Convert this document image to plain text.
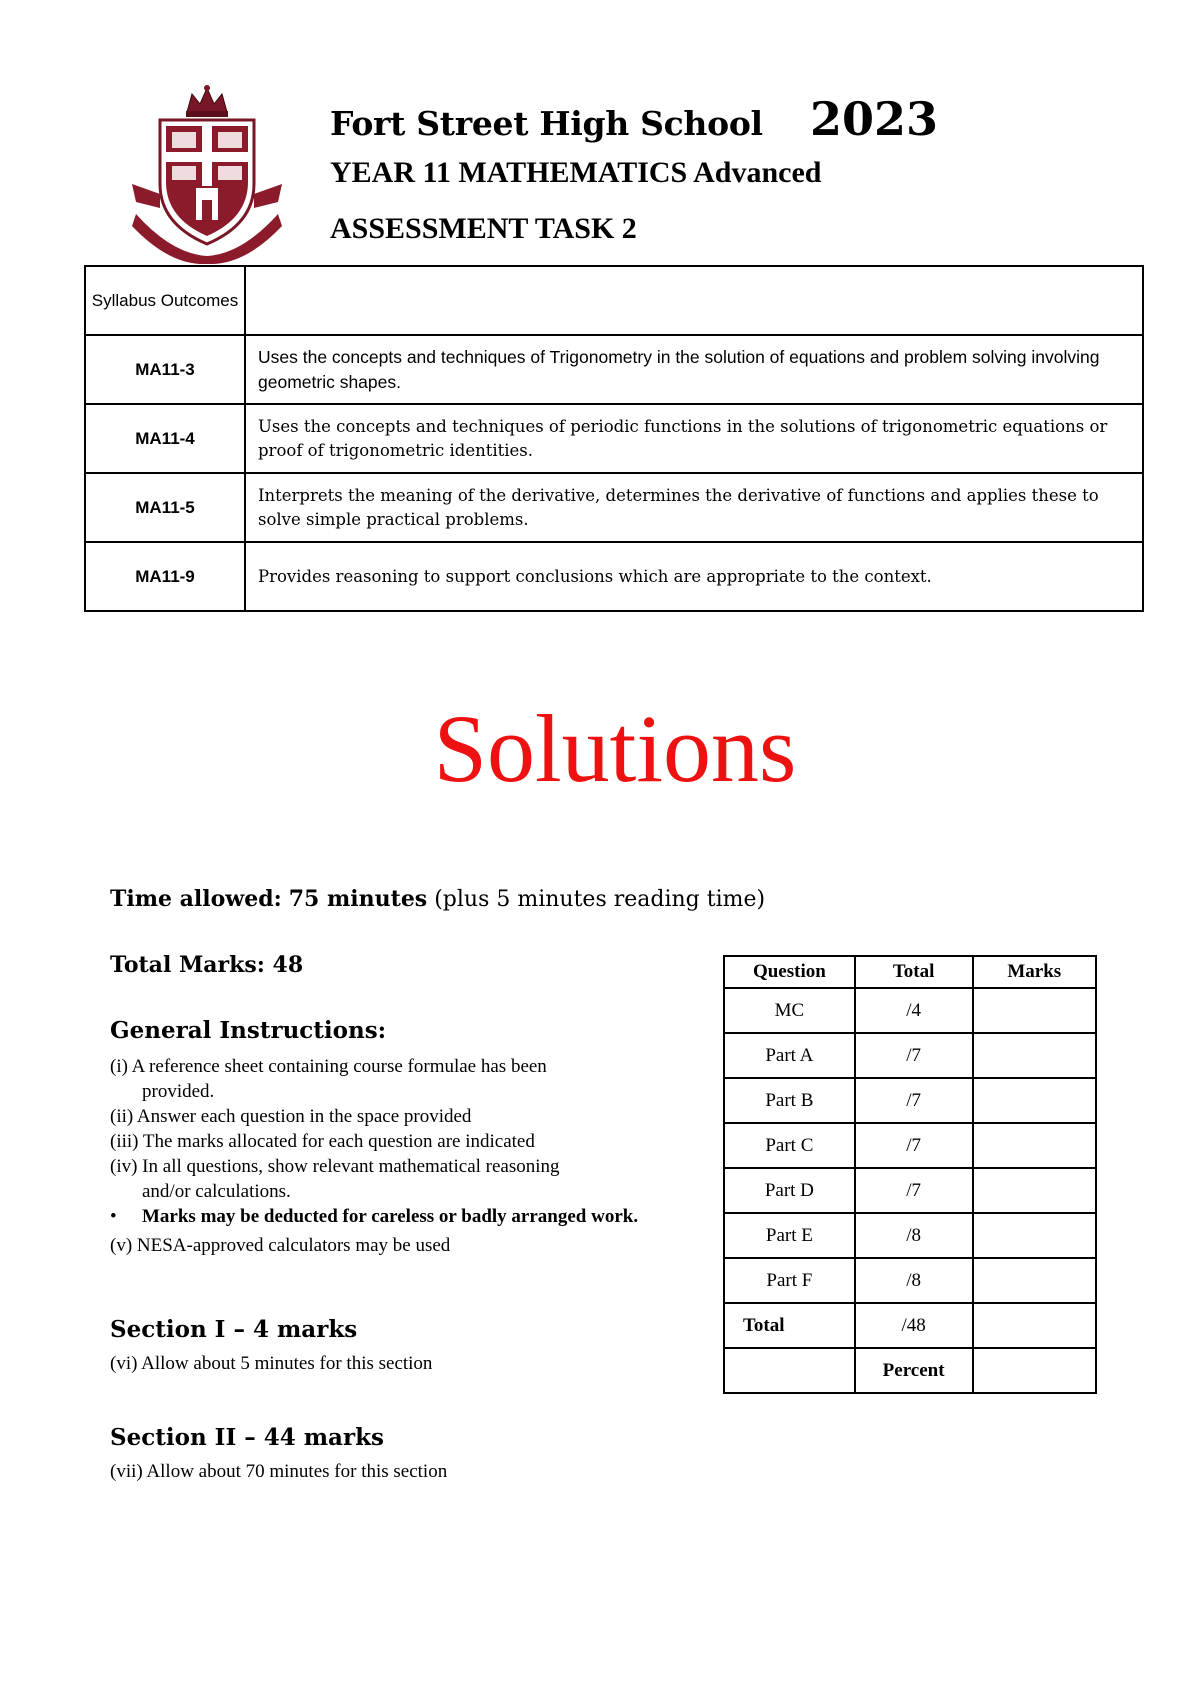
Fort Street High School 2023
YEAR 11 MATHEMATICS Advanced
ASSESSMENT TASK 2
Syllabus Outcomes	
MA11-3	Uses the concepts and techniques of Trigonometry in the solution of equations and problem solving involving geometric shapes.
MA11-4	Uses the concepts and techniques of periodic functions in the solutions of trigonometric equations or proof of trigonometric identities.
MA11-5	Interprets the meaning of the derivative, determines the derivative of functions and applies these to solve simple practical problems.
MA11-9	Provides reasoning to support conclusions which are appropriate to the context.
Solutions
Time allowed: 75 minutes (plus 5 minutes reading time)
Total Marks: 48
General Instructions:
(i) A reference sheet containing course formulae has been
provided.
(ii) Answer each question in the space provided
(iii) The marks allocated for each question are indicated
(iv) In all questions, show relevant mathematical reasoning
and/or calculations.
• Marks may be deducted for careless or badly arranged work.
(v) NESA-approved calculators may be used
Section I – 4 marks
(vi) Allow about 5 minutes for this section
Section II – 44 marks
(vii) Allow about 70 minutes for this section
Question	Total	Marks
MC	/4	
Part A	/7	
Part B	/7	
Part C	/7	
Part D	/7	
Part E	/8	
Part F	/8	
Total	/48	
	Percent	
